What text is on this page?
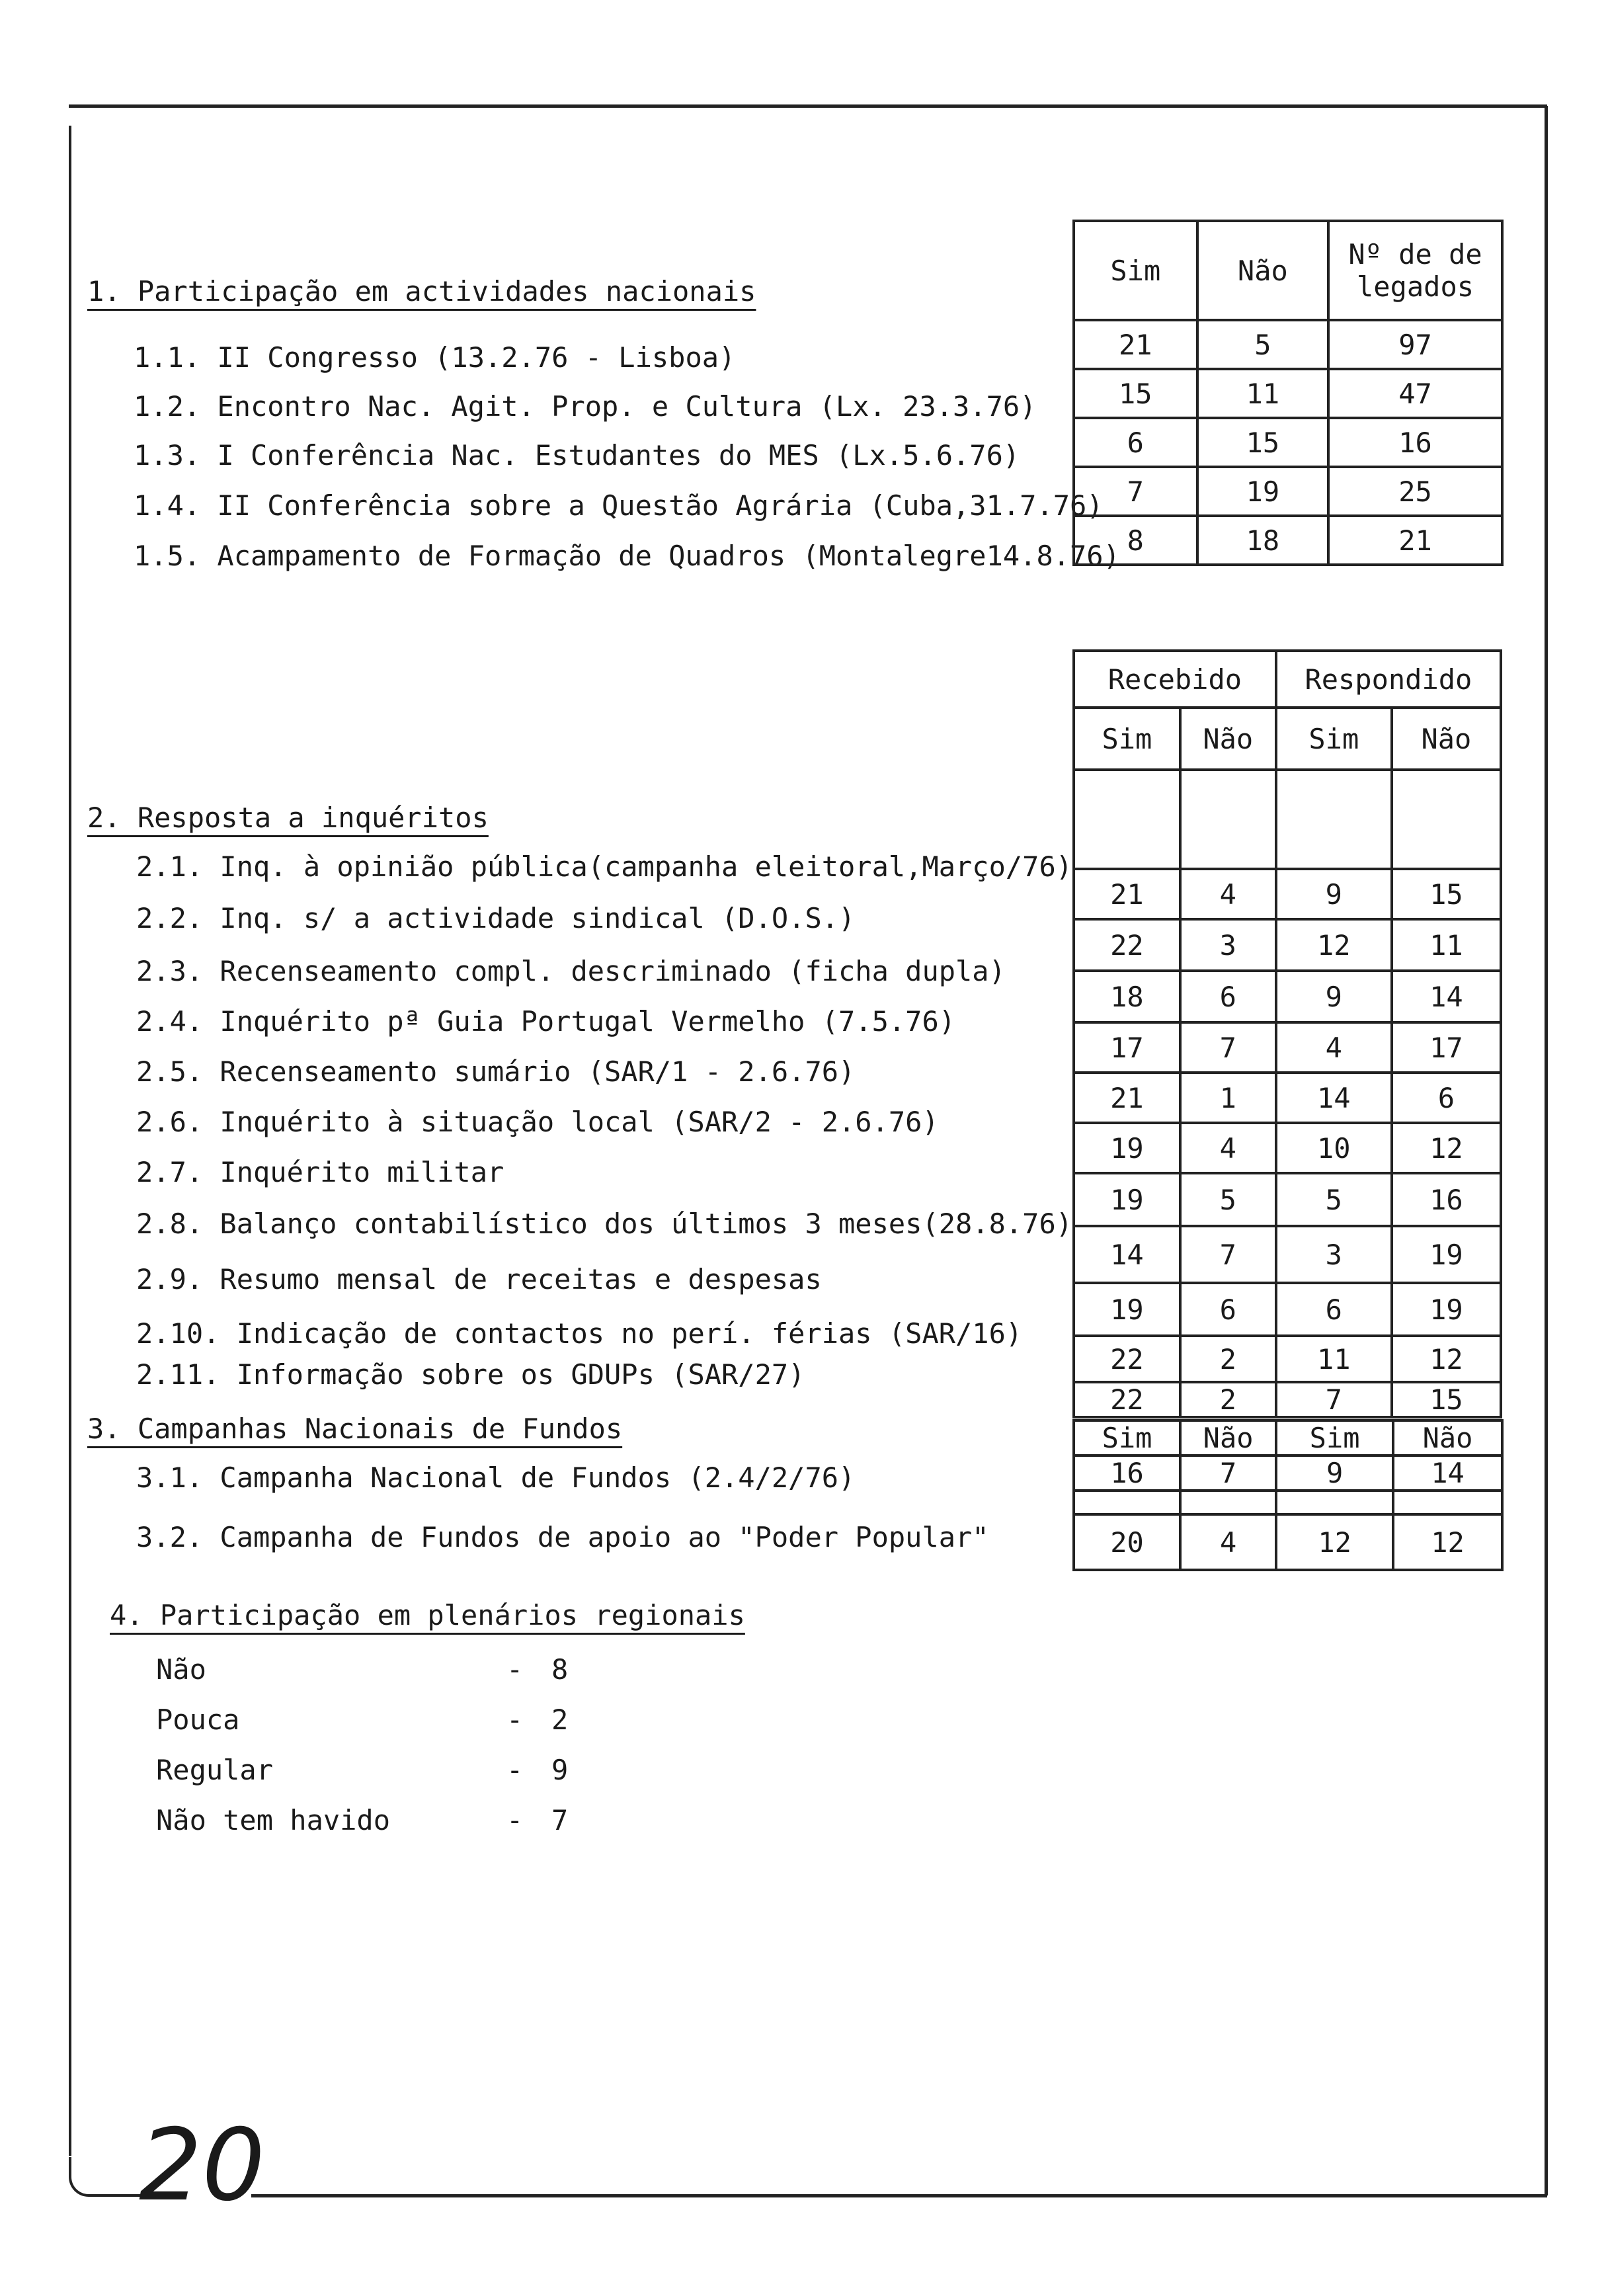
20
1. Participação em actividades nacionais
1.1. II Congresso (13.2.76 - Lisboa)
1.2. Encontro Nac. Agit. Prop. e Cultura (Lx. 23.3.76)
1.3. I Conferência Nac. Estudantes do MES (Lx.5.6.76)
1.4. II Conferência sobre a Questão Agrária (Cuba,31.7.76)
1.5. Acampamento de Formação de Quadros (Montalegre14.8.76)
Sim	Não	Nº de de
legados

21	5	97
15	11	47
6	15	16
7	19	25
8	18	21
2. Resposta a inquéritos
2.1. Inq. à opinião pública(campanha eleitoral,Março/76)
2.2. Inq. s/ a actividade sindical (D.O.S.)
2.3. Recenseamento compl. descriminado (ficha dupla)
2.4. Inquérito pª Guia Portugal Vermelho (7.5.76)
2.5. Recenseamento sumário (SAR/1 - 2.6.76)
2.6. Inquérito à situação local (SAR/2 - 2.6.76)
2.7. Inquérito militar
2.8. Balanço contabilístico dos últimos 3 meses(28.8.76)
2.9. Resumo mensal de receitas e despesas
2.10. Indicação de contactos no perí. férias (SAR/16)
2.11. Informação sobre os GDUPs (SAR/27)
Recebido		Respondido	
Sim	Não	Sim	Não

21	4	9	15
22	3	12	11
18	6	9	14
17	7	4	17
21	1	14	6
19	4	10	12
19	5	5	16
14	7	3	19
19	6	6	19
22	2	11	12
22	2	7	15
3. Campanhas Nacionais de Fundos
3.1. Campanha Nacional de Fundos (2.4/2/76)
3.2. Campanha de Fundos de apoio ao "Poder Popular"
Sim	Não	Sim	Não
16	7	9	14

20	4	12	12
4. Participação em plenários regionais
Não	- 8
Pouca	- 2
Regular	- 9
Não tem havido	- 7
